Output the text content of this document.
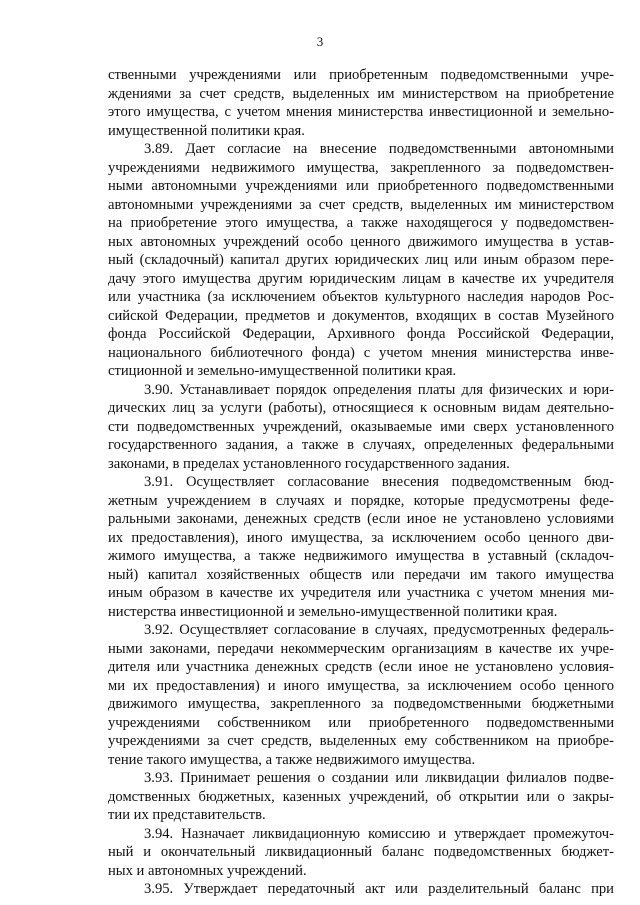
3
ственными учреждениями или приобретенным подведомственными учре-
ждениями за счет средств, выделенных им министерством на приобретение
этого имущества, с учетом мнения министерства инвестиционной и земельно-
имущественной политики края.
3.89. Дает согласие на внесение подведомственными автономными
учреждениями недвижимого имущества, закрепленного за подведомствен-
ными автономными учреждениями или приобретенного подведомственными
автономными учреждениями за счет средств, выделенных им министерством
на приобретение этого имущества, а также находящегося у подведомствен-
ных автономных учреждений особо ценного движимого имущества в устав-
ный (складочный) капитал других юридических лиц или иным образом пере-
дачу этого имущества другим юридическим лицам в качестве их учредителя
или участника (за исключением объектов культурного наследия народов Рос-
сийской Федерации, предметов и документов, входящих в состав Музейного
фонда Российской Федерации, Архивного фонда Российской Федерации,
национального библиотечного фонда) с учетом мнения министерства инве-
стиционной и земельно-имущественной политики края.
3.90. Устанавливает порядок определения платы для физических и юри-
дических лиц за услуги (работы), относящиеся к основным видам деятельно-
сти подведомственных учреждений, оказываемые ими сверх установленного
государственного задания, а также в случаях, определенных федеральными
законами, в пределах установленного государственного задания.
3.91. Осуществляет согласование внесения подведомственным бюд-
жетным учреждением в случаях и порядке, которые предусмотрены феде-
ральными законами, денежных средств (если иное не установлено условиями
их предоставления), иного имущества, за исключением особо ценного дви-
жимого имущества, а также недвижимого имущества в уставный (складоч-
ный) капитал хозяйственных обществ или передачи им такого имущества
иным образом в качестве их учредителя или участника с учетом мнения ми-
нистерства инвестиционной и земельно-имущественной политики края.
3.92. Осуществляет согласование в случаях, предусмотренных федераль-
ными законами, передачи некоммерческим организациям в качестве их учре-
дителя или участника денежных средств (если иное не установлено условия-
ми их предоставления) и иного имущества, за исключением особо ценного
движимого имущества, закрепленного за подведомственными бюджетными
учреждениями собственником или приобретенного подведомственными
учреждениями за счет средств, выделенных ему собственником на приобре-
тение такого имущества, а также недвижимого имущества.
3.93. Принимает решения о создании или ликвидации филиалов подве-
домственных бюджетных, казенных учреждений, об открытии или о закры-
тии их представительств.
3.94. Назначает ликвидационную комиссию и утверждает промежуточ-
ный и окончательный ликвидационный баланс подведомственных бюджет-
ных и автономных учреждений.
3.95. Утверждает передаточный акт или разделительный баланс при
